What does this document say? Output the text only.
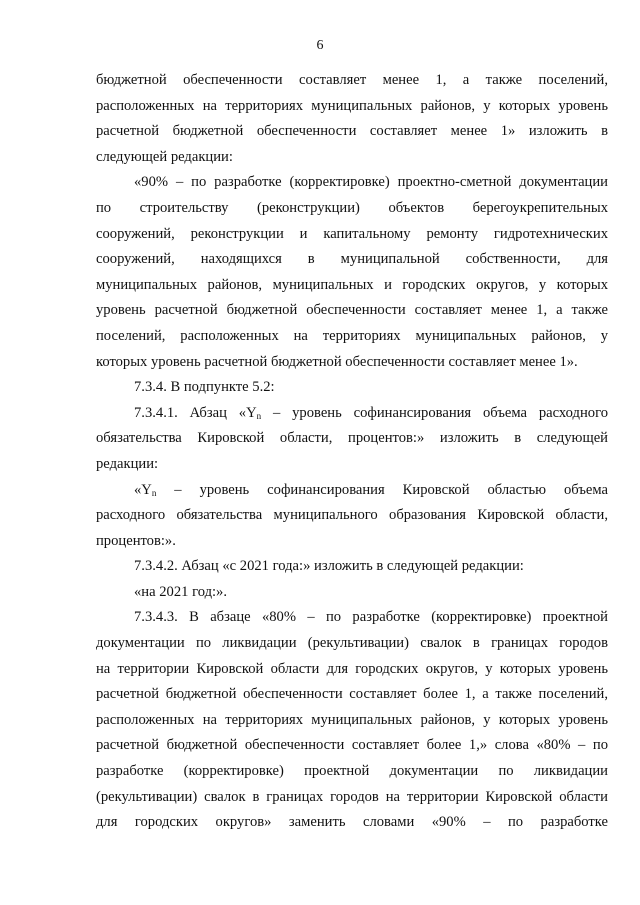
6
бюджетной обеспеченности составляет менее 1, а также поселений,
расположенных на территориях муниципальных районов, у которых уровень
расчетной бюджетной обеспеченности составляет менее 1» изложить в
следующей редакции:
«90% – по разработке (корректировке) проектно-сметной документации
по строительству (реконструкции) объектов берегоукрепительных
сооружений, реконструкции и капитальному ремонту гидротехнических
сооружений, находящихся в муниципальной собственности, для
муниципальных районов, муниципальных и городских округов, у которых
уровень расчетной бюджетной обеспеченности составляет менее 1, а также
поселений, расположенных на территориях муниципальных районов, у
которых уровень расчетной бюджетной обеспеченности составляет менее 1».
7.3.4. В подпункте 5.2:
7.3.4.1. Абзац «$Y_n$ – уровень софинансирования объема расходного
обязательства Кировской области, процентов:» изложить в следующей
редакции:
«$Y_n$ – уровень софинансирования Кировской областью объема
расходного обязательства муниципального образования Кировской области,
процентов:».
7.3.4.2. Абзац «с 2021 года:» изложить в следующей редакции:
«на 2021 год:».
7.3.4.3. В абзаце «80% – по разработке (корректировке) проектной
документации по ликвидации (рекультивации) свалок в границах городов
на территории Кировской области для городских округов, у которых уровень
расчетной бюджетной обеспеченности составляет более 1, а также поселений,
расположенных на территориях муниципальных районов, у которых уровень
расчетной бюджетной обеспеченности составляет более 1,» слова «80% – по
разработке (корректировке) проектной документации по ликвидации
(рекультивации) свалок в границах городов на территории Кировской области
для городских округов» заменить словами «90% – по разработке
